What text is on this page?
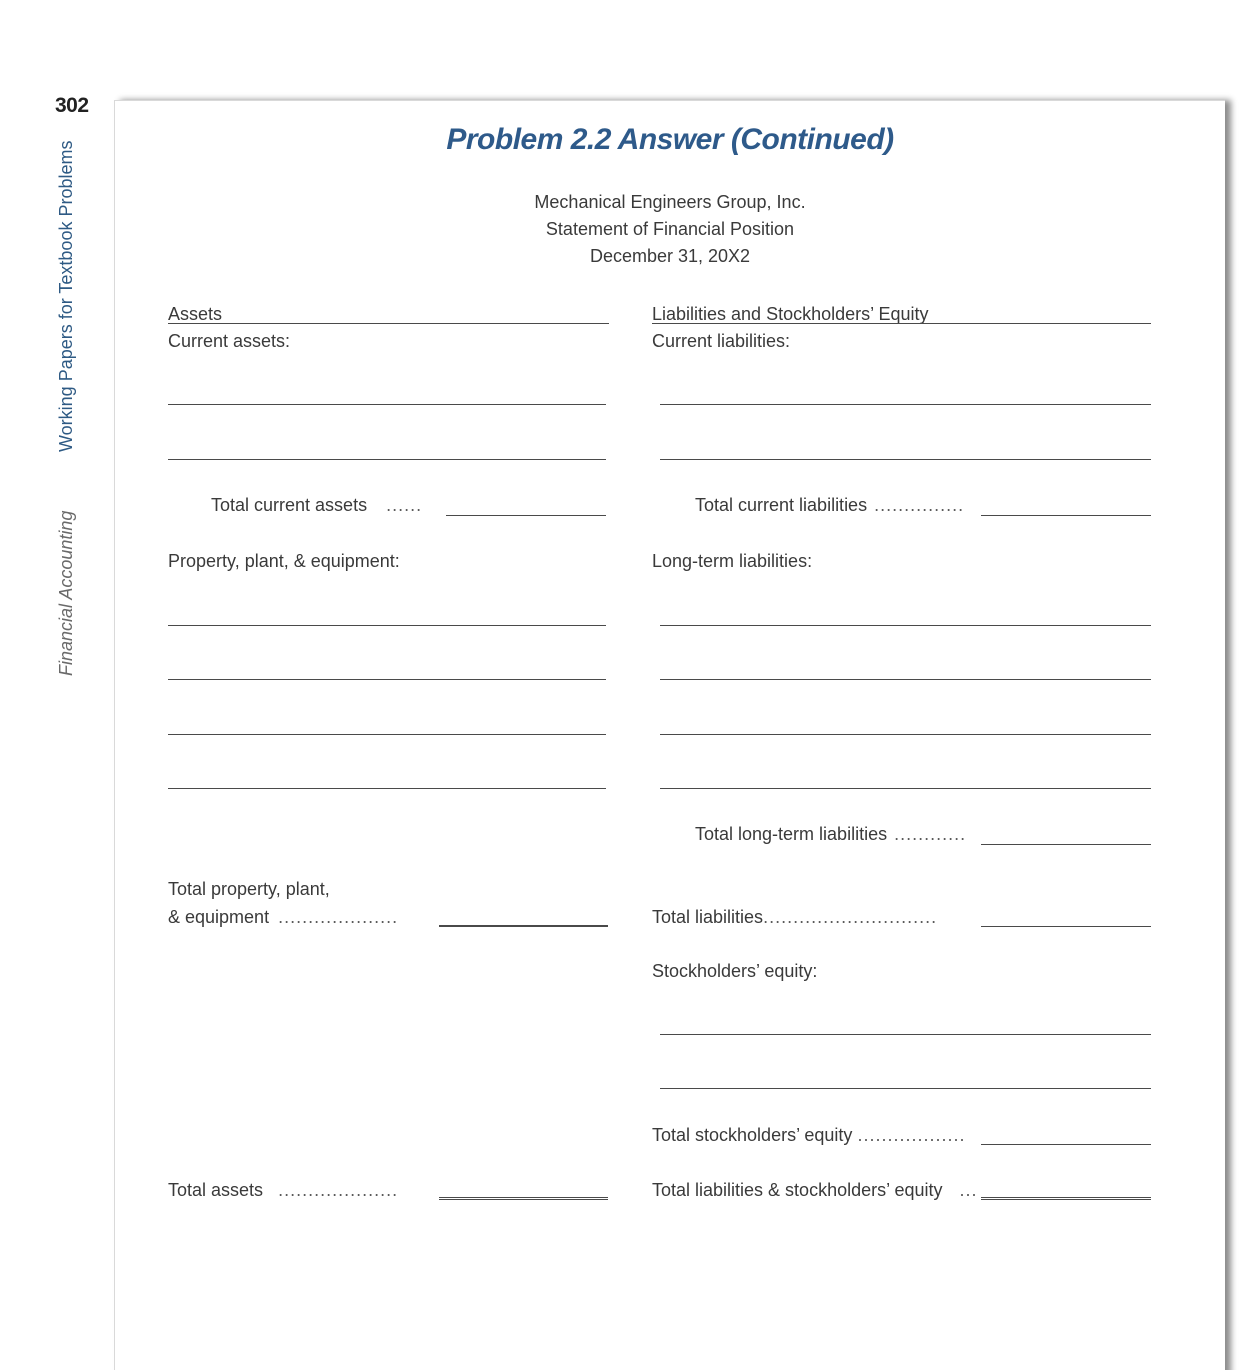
302
Working Papers for Textbook Problems
Financial Accounting
Problem 2.2 Answer (Continued)
Mechanical Engineers Group, Inc.
Statement of Financial Position
December 31, 20X2
Assets
Current assets:
Total current assets ......
Property, plant, & equipment:
Total property, plant,
& equipment ....................
Total assets ....................
Liabilities and Stockholders’ Equity
Current liabilities:
Total current liabilities ...............
Long-term liabilities:
Total long-term liabilities ............
Total liabilities.............................
Stockholders’ equity:
Total stockholders’ equity ..................
Total liabilities & stockholders’ equity ...
